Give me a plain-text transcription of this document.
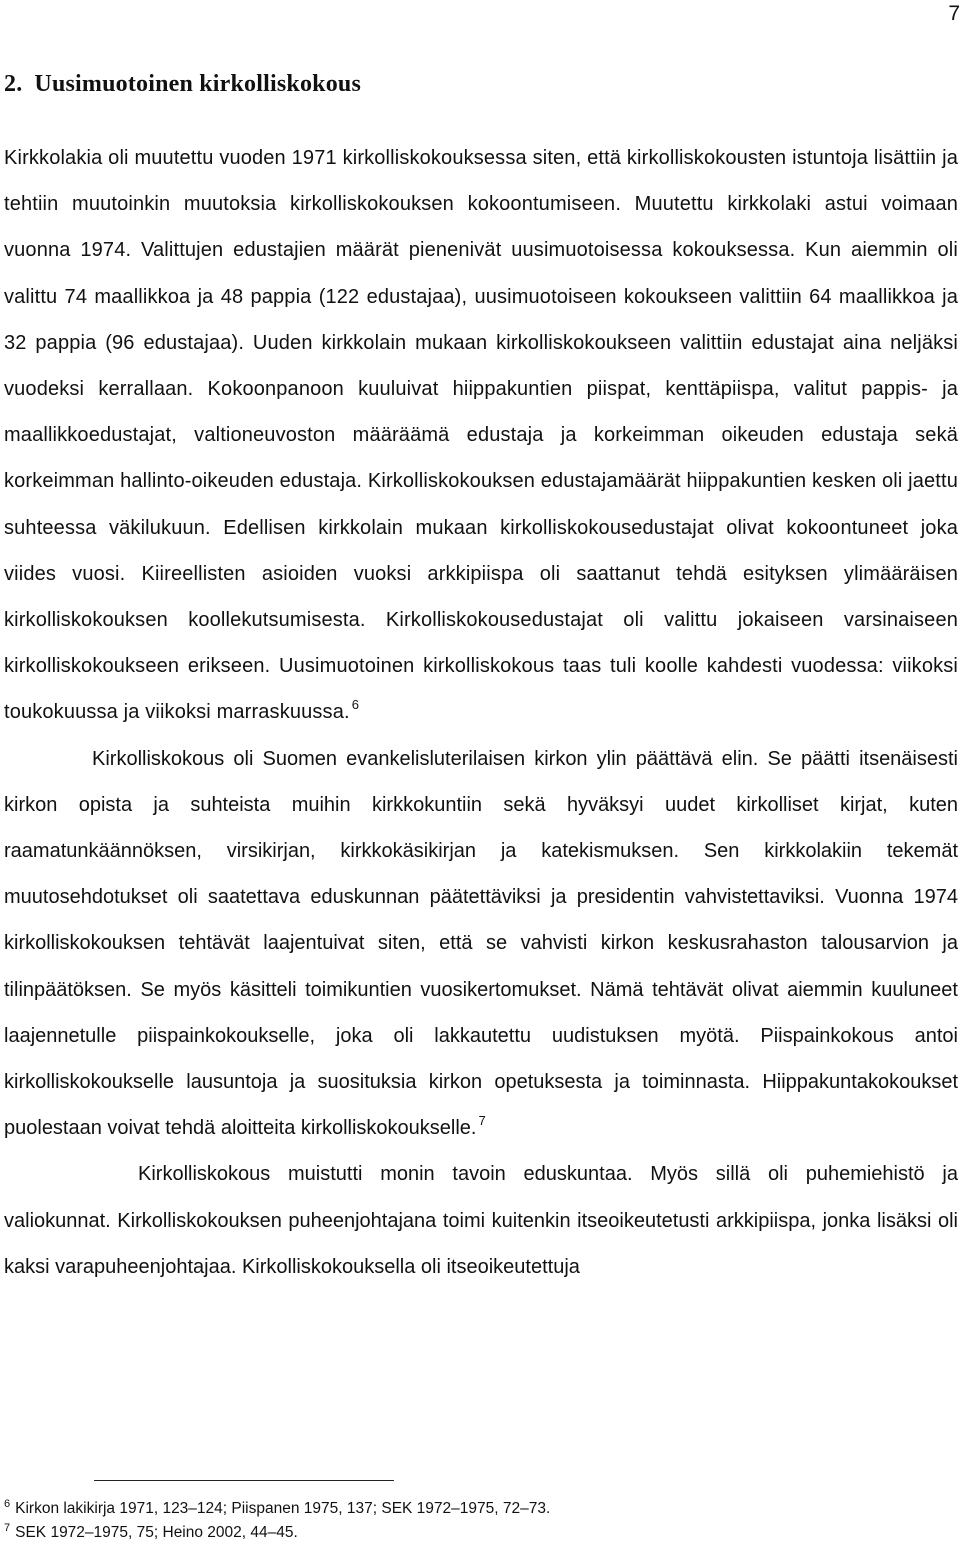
7
2. Uusimuotoinen kirkolliskokous

Kirkkolakia oli muutettu vuoden 1971 kirkolliskokouksessa siten, että kirkolliskokousten istuntoja lisättiin ja tehtiin muutoinkin muutoksia kirkolliskokouksen kokoontumiseen. Muutettu kirkkolaki astui voimaan vuonna 1974. Valittujen edustajien määrät pienenivät uusimuotoisessa kokouksessa. Kun aiemmin oli valittu 74 maallikkoa ja 48 pappia (122 edustajaa), uusimuotoiseen kokoukseen valittiin 64 maallikkoa ja 32 pappia (96 edustajaa). Uuden kirkkolain mukaan kirkolliskokoukseen valittiin edustajat aina neljäksi vuodeksi kerrallaan. Kokoonpanoon kuuluivat hiippakuntien piispat, kenttäpiispa, valitut pappis- ja maallikkoedustajat, valtioneuvoston määräämä edustaja ja korkeimman oikeuden edustaja sekä korkeimman hallinto-oikeuden edustaja. Kirkolliskokouksen edustajamäärät hiippakuntien kesken oli jaettu suhteessa väkilukuun. Edellisen kirkkolain mukaan kirkolliskokousedustajat olivat kokoontuneet joka viides vuosi. Kiireellisten asioiden vuoksi arkkipiispa oli saattanut tehdä esityksen ylimääräisen kirkolliskokouksen koollekutsumisesta. Kirkolliskokousedustajat oli valittu jokaiseen varsinaiseen kirkolliskokoukseen erikseen. Uusimuotoinen kirkolliskokous taas tuli koolle kahdesti vuodessa: viikoksi toukokuussa ja viikoksi marraskuussa. $^6$

Kirkolliskokous oli Suomen evankelisluterilaisen kirkon ylin päättävä elin. Se päätti itsenäisesti kirkon opista ja suhteista muihin kirkkokuntiin sekä hyväksyi uudet kirkolliset kirjat, kuten raamatunkäännöksen, virsikirjan, kirkkokäsikirjan ja katekismuksen. Sen kirkkolakiin tekemät muutosehdotukset oli saatettava eduskunnan päätettäviksi ja presidentin vahvistettaviksi. Vuonna 1974 kirkolliskokouksen tehtävät laajentuivat siten, että se vahvisti kirkon keskusrahaston talousarvion ja tilinpäätöksen. Se myös käsitteli toimikuntien vuosikertomukset. Nämä tehtävät olivat aiemmin kuuluneet laajennetulle piispainkokoukselle, joka oli lakkautettu uudistuksen myötä. Piispainkokous antoi kirkolliskokoukselle lausuntoja ja suosituksia kirkon opetuksesta ja toiminnasta. Hiippakuntakokoukset puolestaan voivat tehdä aloitteita kirkolliskokoukselle. $^7$

Kirkolliskokous muistutti monin tavoin eduskuntaa. Myös sillä oli puhemiehistö ja valiokunnat. Kirkolliskokouksen puheenjohtajana toimi kuitenkin itseoikeutetusti arkkipiispa, jonka lisäksi oli kaksi varapuheenjohtajaa. Kirkolliskokouksella oli itseoikeutettuja

$^6$ Kirkon lakikirja 1971, 123–124; Piispanen 1975, 137; SEK 1972–1975, 72–73.

$^7$ SEK 1972–1975, 75; Heino 2002, 44–45.
